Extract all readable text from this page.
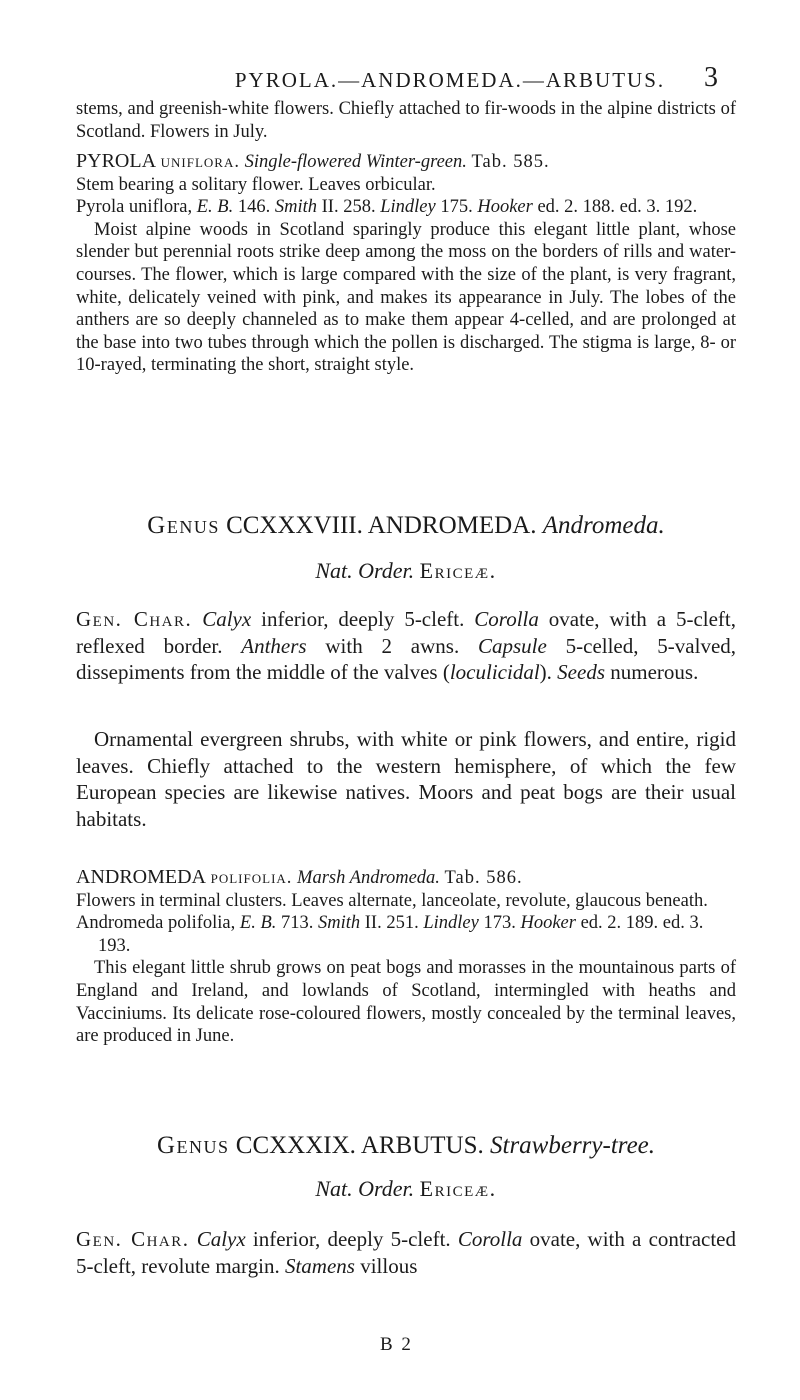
PYROLA.—ANDROMEDA.—ARBUTUS.	3

stems, and greenish-white flowers. Chiefly attached to fir-woods in the alpine districts of Scotland. Flowers in July.

PYROLA uniflora. Single-flowered Winter-green. Tab. 585.

Stem bearing a solitary flower. Leaves orbicular.

Pyrola uniflora, E. B. 146. Smith II. 258. Lindley 175. Hooker ed. 2. 188. ed. 3. 192.

Moist alpine woods in Scotland sparingly produce this elegant little plant, whose slender but perennial roots strike deep among the moss on the borders of rills and water-courses. The flower, which is large compared with the size of the plant, is very fragrant, white, delicately veined with pink, and makes its appearance in July. The lobes of the anthers are so deeply channeled as to make them appear 4-celled, and are prolonged at the base into two tubes through which the pollen is discharged. The stigma is large, 8- or 10-rayed, terminating the short, straight style.

Genus CCXXXVIII. ANDROMEDA. Andromeda.

Nat. Order. Ericeæ.

Gen. Char. Calyx inferior, deeply 5-cleft. Corolla ovate, with a 5-cleft, reflexed border. Anthers with 2 awns. Capsule 5-celled, 5-valved, dissepiments from the middle of the valves (loculicidal). Seeds numerous.

Ornamental evergreen shrubs, with white or pink flowers, and entire, rigid leaves. Chiefly attached to the western hemisphere, of which the few European species are likewise natives. Moors and peat bogs are their usual habitats.

ANDROMEDA polifolia. Marsh Andromeda. Tab. 586.

Flowers in terminal clusters. Leaves alternate, lanceolate, revolute, glaucous beneath.

Andromeda polifolia, E. B. 713. Smith II. 251. Lindley 173. Hooker ed. 2. 189. ed. 3. 193.

This elegant little shrub grows on peat bogs and morasses in the mountainous parts of England and Ireland, and lowlands of Scotland, intermingled with heaths and Vacciniums. Its delicate rose-coloured flowers, mostly concealed by the terminal leaves, are produced in June.

Genus CCXXXIX. ARBUTUS. Strawberry-tree.

Nat. Order. Ericeæ.

Gen. Char. Calyx inferior, deeply 5-cleft. Corolla ovate, with a contracted 5-cleft, revolute margin. Stamens villous

B 2
